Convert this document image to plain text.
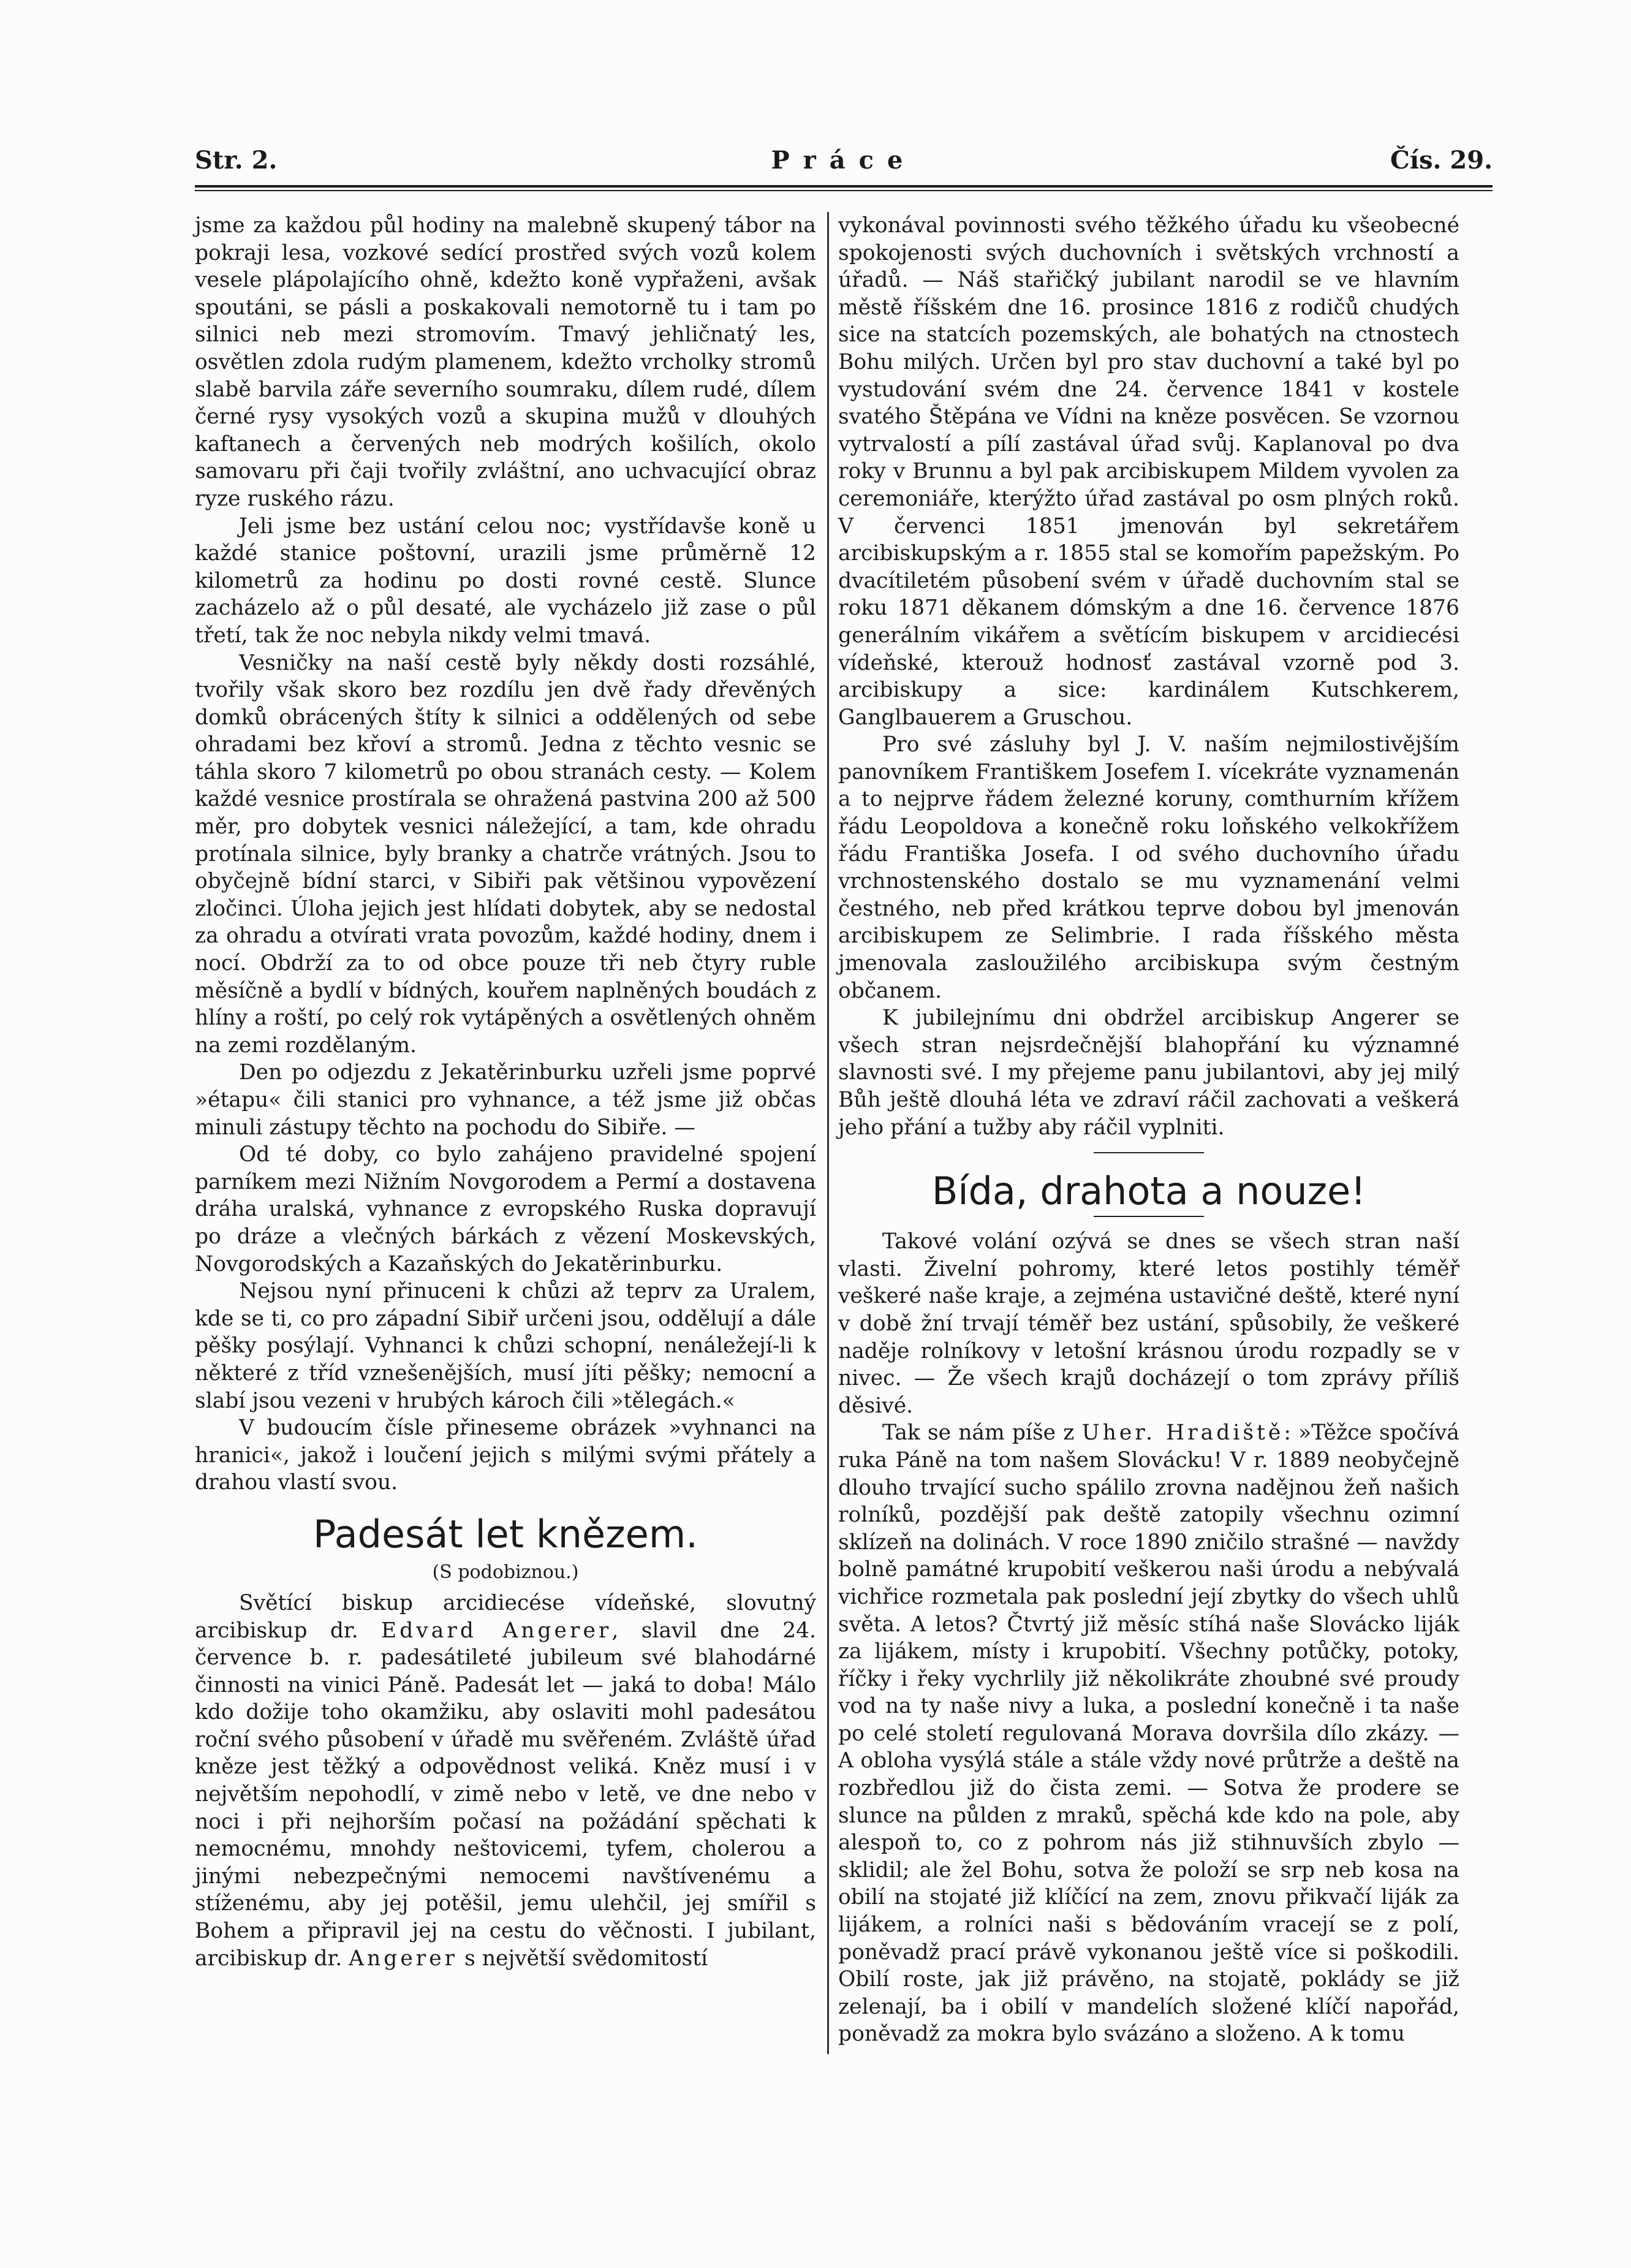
Str. 2.	Práce	Čís. 29.

jsme za každou půl hodiny na malebně skupený tábor na pokraji lesa, vozkové sedící prostřed svých vozů kolem vesele plápolajícího ohně, kdežto koně vypřaženi, avšak spoutáni, se pásli a poskakovali nemotorně tu i tam po silnici neb mezi stromovím. Tmavý jehličnatý les, osvětlen zdola rudým plamenem, kdežto vrcholky stromů slabě barvila záře severního soumraku, dílem rudé, dílem černé rysy vysokých vozů a skupina mužů v dlouhých kaftanech a červených neb modrých košilích, okolo samovaru při čaji tvořily zvláštní, ano uchvacující obraz ryze ruského rázu.

Jeli jsme bez ustání celou noc; vystřídavše koně u každé stanice poštovní, urazili jsme průměrně 12 kilometrů za hodinu po dosti rovné cestě. Slunce zacházelo až o půl desaté, ale vycházelo již zase o půl třetí, tak že noc nebyla nikdy velmi tmavá.

Vesničky na naší cestě byly někdy dosti rozsáhlé, tvořily však skoro bez rozdílu jen dvě řady dřevěných domků obrácených štíty k silnici a oddělených od sebe ohradami bez křoví a stromů. Jedna z těchto vesnic se táhla skoro 7 kilometrů po obou stranách cesty. — Kolem každé vesnice prostírala se ohražená pastvina 200 až 500 měr, pro dobytek vesnici náležející, a tam, kde ohradu protínala silnice, byly branky a chatrče vrátných. Jsou to obyčejně bídní starci, v Sibiři pak většinou vypovězení zločinci. Úloha jejich jest hlídati dobytek, aby se nedostal za ohradu a otvírati vrata povozům, každé hodiny, dnem i nocí. Obdrží za to od obce pouze tři neb čtyry ruble měsíčně a bydlí v bídných, kouřem naplněných boudách z hlíny a roští, po celý rok vytápěných a osvětlených ohněm na zemi rozdělaným.

Den po odjezdu z Jekatěrinburku uzřeli jsme poprvé »étapu« čili stanici pro vyhnance, a též jsme již občas minuli zástupy těchto na pochodu do Sibiře. —

Od té doby, co bylo zahájeno pravidelné spojení parníkem mezi Nižním Novgorodem a Permí a dostavena dráha uralská, vyhnance z evropského Ruska dopravují po dráze a vlečných bárkách z vězení Moskevských, Novgorodských a Kazaňských do Jekatěrinburku.

Nejsou nyní přinuceni k chůzi až teprv za Uralem, kde se ti, co pro západní Sibiř určeni jsou, oddělují a dále pěšky posýlají. Vyhnanci k chůzi schopní, nenáležejí-li k některé z tříd vznešenějších, musí jíti pěšky; nemocní a slabí jsou vezeni v hrubých károch čili »tělegách.«

V budoucím čísle přineseme obrázek »vyhnanci na hranici«, jakož i loučení jejich s milými svými přátely a drahou vlastí svou.

Padesát let knězem.
(S podobiznou.)

Světící biskup arcidiecése vídeňské, slovutný arcibiskup dr. Edvard Angerer, slavil dne 24. července b. r. padesátileté jubileum své blahodárné činnosti na vinici Páně. Padesát let — jaká to doba! Málo kdo dožije toho okamžiku, aby oslaviti mohl padesátou roční svého působení v úřadě mu svěřeném. Zvláště úřad kněze jest těžký a odpovědnost veliká. Kněz musí i v největším nepohodlí, v zimě nebo v letě, ve dne nebo v noci i při nejhorším počasí na požádání spěchati k nemocnému, mnohdy neštovicemi, tyfem, cholerou a jinými nebezpečnými nemocemi navštívenému a stíženému, aby jej potěšil, jemu ulehčil, jej smířil s Bohem a připravil jej na cestu do věčnosti. I jubilant, arcibiskup dr. Angerer s největší svědomitostí

vykonával povinnosti svého těžkého úřadu ku všeobecné spokojenosti svých duchovních i světských vrchností a úřadů. — Náš stařičký jubilant narodil se ve hlavním městě říšském dne 16. prosince 1816 z rodičů chudých sice na statcích pozemských, ale bohatých na ctnostech Bohu milých. Určen byl pro stav duchovní a také byl po vystudování svém dne 24. července 1841 v kostele svatého Štěpána ve Vídni na kněze posvěcen. Se vzornou vytrvalostí a pílí zastával úřad svůj. Kaplanoval po dva roky v Brunnu a byl pak arcibiskupem Mildem vyvolen za ceremoniáře, kterýžto úřad zastával po osm plných roků. V červenci 1851 jmenován byl sekretářem arcibiskupským a r. 1855 stal se komořím papežským. Po dvacítiletém působení svém v úřadě duchovním stal se roku 1871 děkanem dómským a dne 16. července 1876 generálním vikářem a světícím biskupem v arcidiecési vídeňské, kterouž hodnosť zastával vzorně pod 3. arcibiskupy a sice: kardinálem Kutschkerem, Ganglbauerem a Gruschou.

Pro své zásluhy byl J. V. naším nejmilostivějším panovníkem Františkem Josefem I. vícekráte vyznamenán a to nejprve řádem železné koruny, comthurním křížem řádu Leopoldova a konečně roku loňského velkokřížem řádu Františka Josefa. I od svého duchovního úřadu vrchnostenského dostalo se mu vyznamenání velmi čestného, neb před krátkou teprve dobou byl jmenován arcibiskupem ze Selimbrie. I rada říšského města jmenovala zasloužilého arcibiskupa svým čestným občanem.

K jubilejnímu dni obdržel arcibiskup Angerer se všech stran nejsrdečnější blahopřání ku významné slavnosti své. I my přejeme panu jubilantovi, aby jej milý Bůh ještě dlouhá léta ve zdraví ráčil zachovati a veškerá jeho přání a tužby aby ráčil vyplniti.

Bída, drahota a nouze!

Takové volání ozývá se dnes se všech stran naší vlasti. Živelní pohromy, které letos postihly téměř veškeré naše kraje, a zejména ustavičné deště, které nyní v době žní trvají téměř bez ustání, spůsobily, že veškeré naděje rolníkovy v letošní krásnou úrodu rozpadly se v nivec. — Že všech krajů docházejí o tom zprávy příliš děsivé.

Tak se nám píše z Uher. Hradiště: »Těžce spočívá ruka Páně na tom našem Slovácku! V r. 1889 neobyčejně dlouho trvající sucho spálilo zrovna nadějnou žeň našich rolníků, pozdější pak deště zatopily všechnu ozimní sklízeň na dolinách. V roce 1890 zničilo strašné — navždy bolně památné krupobití veškerou naši úrodu a nebývalá vichřice rozmetala pak poslední její zbytky do všech uhlů světa. A letos? Čtvrtý již měsíc stíhá naše Slovácko liják za lijákem, místy i krupobití. Všechny potůčky, potoky, říčky i řeky vychrlily již několikráte zhoubné své proudy vod na ty naše nivy a luka, a poslední konečně i ta naše po celé století regulovaná Morava dovršila dílo zkázy. — A obloha vysýlá stále a stále vždy nové průtrže a deště na rozbředlou již do čista zemi. — Sotva že prodere se slunce na půlden z mraků, spěchá kde kdo na pole, aby alespoň to, co z pohrom nás již stihnuvších zbylo — sklidil; ale žel Bohu, sotva že položí se srp neb kosa na obilí na stojaté již klíčící na zem, znovu přikvačí liják za lijákem, a rolníci naši s bědováním vracejí se z polí, poněvadž prací právě vykonanou ještě více si poškodili. Obilí roste, jak již právěno, na stojatě, poklády se již zelenají, ba i obilí v mandelích složené klíčí napořád, poněvadž za mokra bylo svázáno a složeno. A k tomu
